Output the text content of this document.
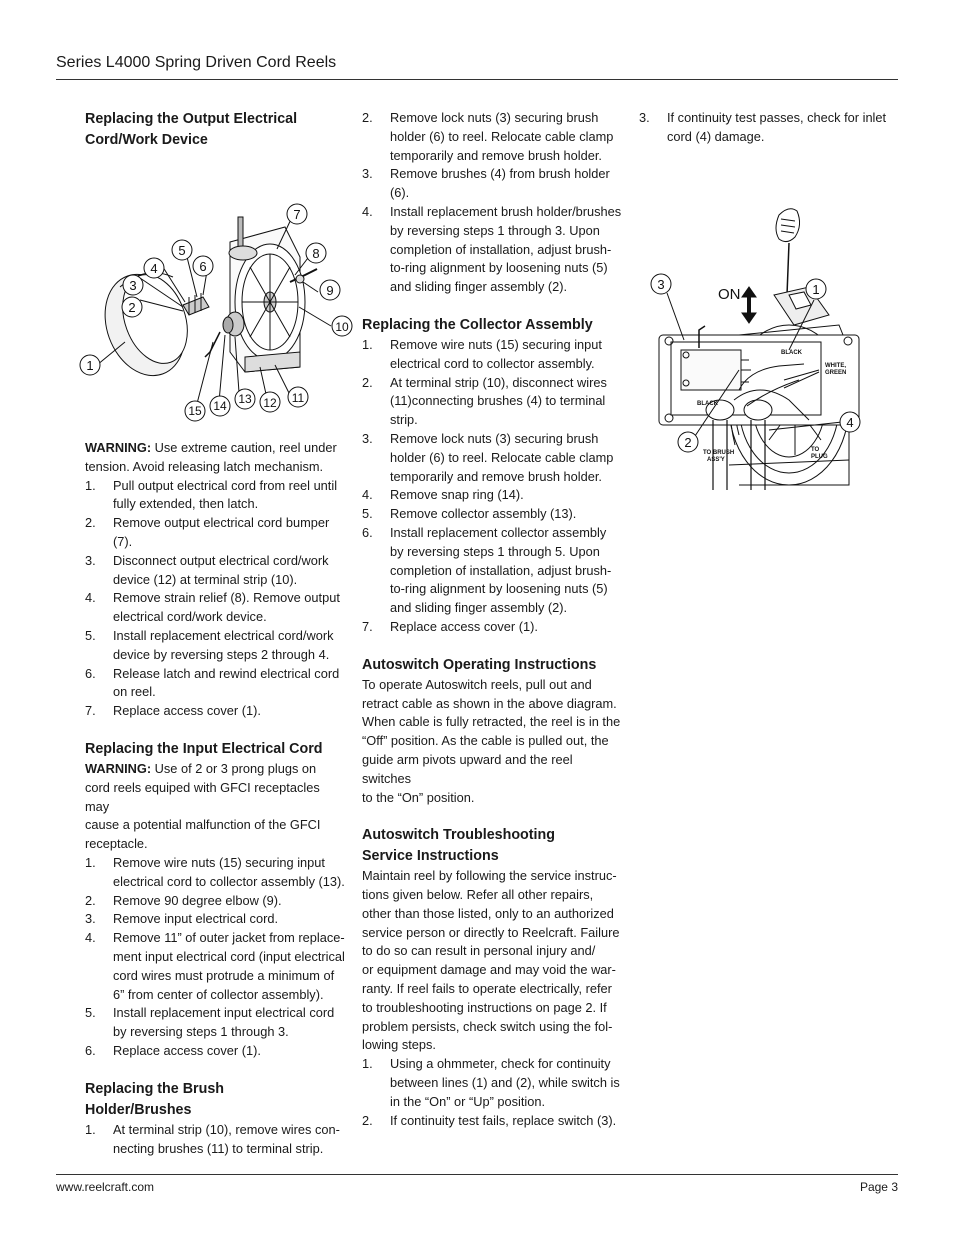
Series L4000 Spring Driven Cord Reels
Replacing the Output Electrical
Cord/Work Device
7
5
6
8
4
3	9
2
10
1
11
12
13
14
15

WARNING: Use extreme caution, reel under

tension. Avoid releasing latch mechanism.

1. Pull output electrical cord from reel until
fully extended, then latch.
2. Remove output electrical cord bumper
(7).
3. Disconnect output electrical cord/work
device (12) at terminal strip (10).
4. Remove strain relief (8). Remove output
electrical cord/work device.
5. Install replacement electrical cord/work
device by reversing steps 2 through 4.
6. Release latch and rewind electrical cord
on reel.
7. Replace access cover (1).
Replacing the Input Electrical Cord

WARNING: Use of 2 or 3 prong plugs on

cord reels equiped with GFCI receptacles may

cause a potential malfunction of the GFCI

receptacle.

1. Remove wire nuts (15) securing input
electrical cord to collector assembly (13).
2. Remove 90 degree elbow (9).
3. Remove input electrical cord.
4. Remove 11” of outer jacket from replace-
ment input electrical cord (input electrical
cord wires must protrude a minimum of
6” from center of collector assembly).
5. Install replacement input electrical cord
by reversing steps 1 through 3.
6. Replace access cover (1).
Replacing the Brush
Holder/Brushes
1. At terminal strip (10), remove wires con-
necting brushes (11) to terminal strip.
2. Remove lock nuts (3) securing brush
holder (6) to reel. Relocate cable clamp
temporarily and remove brush holder.
3. Remove brushes (4) from brush holder
(6).
4. Install replacement brush holder/brushes
by reversing steps 1 through 3. Upon
completion of installation, adjust brush-
to-ring alignment by loosening nuts (5)
and sliding finger assembly (2).
Replacing the Collector Assembly
1. Remove wire nuts (15) securing input
electrical cord to collector assembly.
2. At terminal strip (10), disconnect wires
(11)connecting brushes (4) to terminal
strip.
3. Remove lock nuts (3) securing brush
holder (6) to reel. Relocate cable clamp
temporarily and remove brush holder.
4. Remove snap ring (14).
5. Remove collector assembly (13).
6. Install replacement collector assembly
by reversing steps 1 through 5. Upon
completion of installation, adjust brush-
to-ring alignment by loosening nuts (5)
and sliding finger assembly (2).
7. Replace access cover (1).
Autoswitch Operating Instructions

To operate Autoswitch reels, pull out and

retract cable as shown in the above diagram.

When cable is fully retracted, the reel is in the

“Off” position. As the cable is pulled out, the

guide arm pivots upward and the reel switches

to the “On” position.

Autoswitch Troubleshooting
Service Instructions

Maintain reel by following the service instruc-

tions given below. Refer all other repairs,

other than those listed, only to an authorized

service person or directly to Reelcraft. Failure

to do so can result in personal injury and/

or equipment damage and may void the war-

ranty. If reel fails to operate electrically, refer

to troubleshooting instructions on page 2. If

problem persists, check switch using the fol-

lowing steps.

1. Using a ohmmeter, check for continuity
between lines (1) and (2), while switch is
in the “On” or “Up” position.
2. If continuity test fails, replace switch (3).
3. If continuity test passes, check for inlet
cord (4) damage.
ON
3	1
2
4
BLACK
BLACK
WHITE,
GREEN
TO BRUSH
ASS'Y
TO
PLUG
www.reelcraft.com	Page 3
